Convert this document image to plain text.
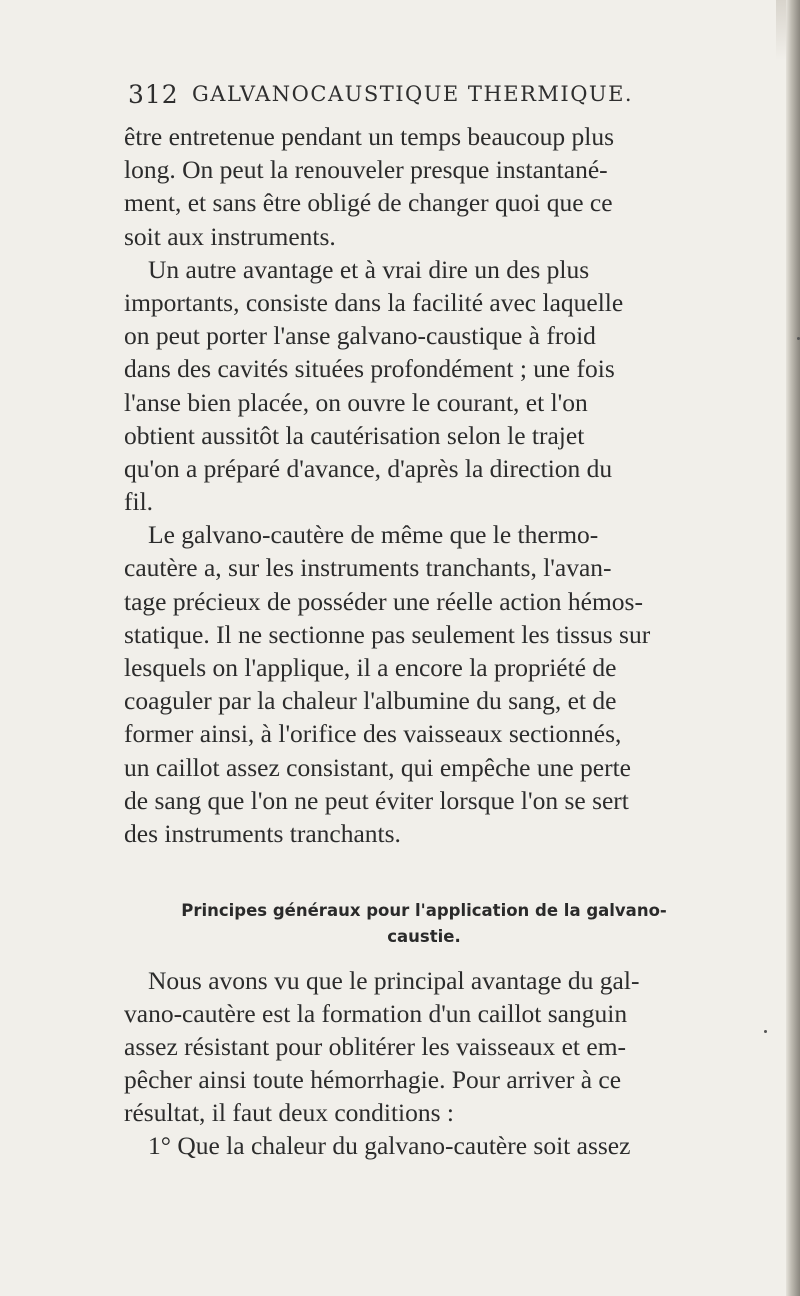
312 GALVANOCAUSTIQUE THERMIQUE.
être entretenue pendant un temps beaucoup plus
long. On peut la renouveler presque instantané-
ment, et sans être obligé de changer quoi que ce
soit aux instruments.
Un autre avantage et à vrai dire un des plus
importants, consiste dans la facilité avec laquelle
on peut porter l'anse galvano-caustique à froid
dans des cavités situées profondément ; une fois
l'anse bien placée, on ouvre le courant, et l'on
obtient aussitôt la cautérisation selon le trajet
qu'on a préparé d'avance, d'après la direction du
fil.
Le galvano-cautère de même que le thermo-
cautère a, sur les instruments tranchants, l'avan-
tage précieux de posséder une réelle action hémos-
statique. Il ne sectionne pas seulement les tissus sur
lesquels on l'applique, il a encore la propriété de
coaguler par la chaleur l'albumine du sang, et de
former ainsi, à l'orifice des vaisseaux sectionnés,
un caillot assez consistant, qui empêche une perte
de sang que l'on ne peut éviter lorsque l'on se sert
des instruments tranchants.
Principes généraux pour l'application de la galvano-
caustie.
Nous avons vu que le principal avantage du gal-
vano-cautère est la formation d'un caillot sanguin
assez résistant pour oblitérer les vaisseaux et em-
pêcher ainsi toute hémorrhagie. Pour arriver à ce
résultat, il faut deux conditions :
1° Que la chaleur du galvano-cautère soit assez
